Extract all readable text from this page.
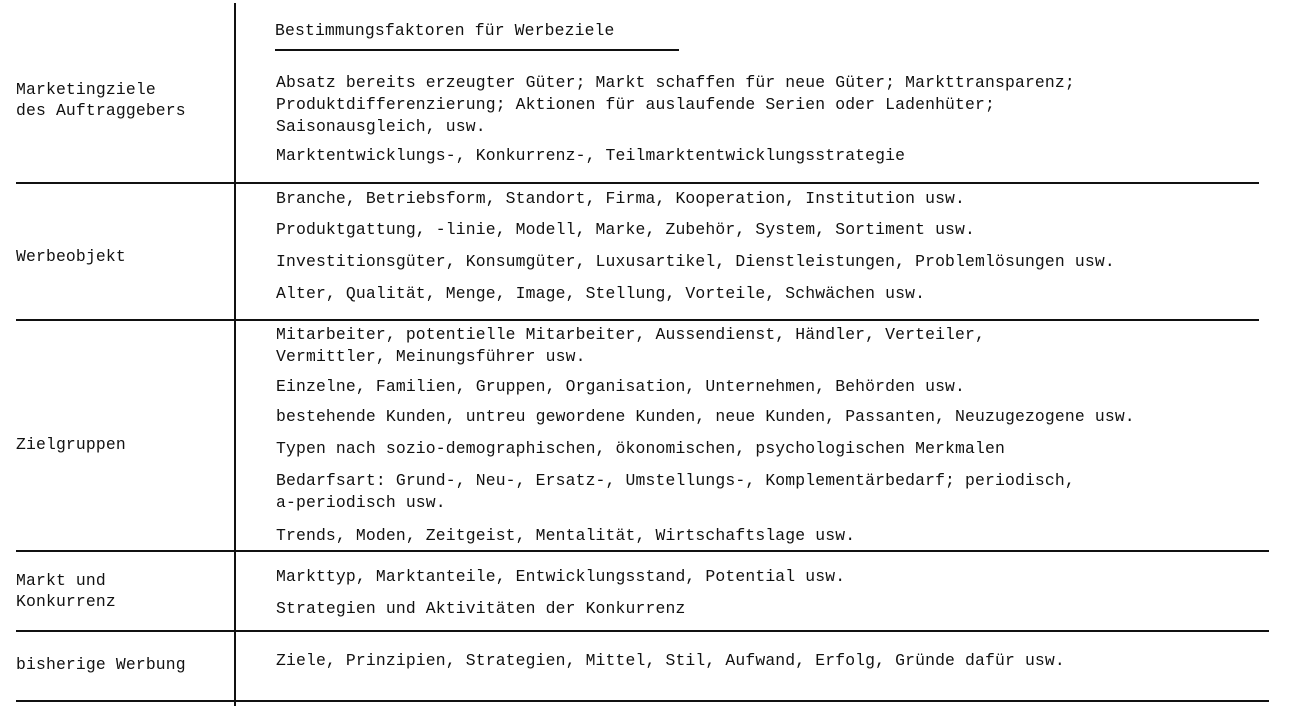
Bestimmungsfaktoren für Werbeziele
Marketingziele
des Auftraggebers
Absatz bereits erzeugter Güter; Markt schaffen für neue Güter; Markttransparenz;
Produktdifferenzierung; Aktionen für auslaufende Serien oder Ladenhüter;
Saisonausgleich, usw.
Marktentwicklungs-, Konkurrenz-, Teilmarktentwicklungsstrategie
Werbeobjekt
Branche, Betriebsform, Standort, Firma, Kooperation, Institution usw.
Produktgattung, -linie, Modell, Marke, Zubehör, System, Sortiment usw.
Investitionsgüter, Konsumgüter, Luxusartikel, Dienstleistungen, Problemlösungen usw.
Alter, Qualität, Menge, Image, Stellung, Vorteile, Schwächen usw.
Zielgruppen
Mitarbeiter, potentielle Mitarbeiter, Aussendienst, Händler, Verteiler,
Vermittler, Meinungsführer usw.
Einzelne, Familien, Gruppen, Organisation, Unternehmen, Behörden usw.
bestehende Kunden, untreu gewordene Kunden, neue Kunden, Passanten, Neuzugezogene usw.
Typen nach sozio-demographischen, ökonomischen, psychologischen Merkmalen
Bedarfsart: Grund-, Neu-, Ersatz-, Umstellungs-, Komplementärbedarf; periodisch,
a-periodisch usw.
Trends, Moden, Zeitgeist, Mentalität, Wirtschaftslage usw.
Markt und
Konkurrenz
Markttyp, Marktanteile, Entwicklungsstand, Potential usw.
Strategien und Aktivitäten der Konkurrenz
bisherige Werbung	Ziele, Prinzipien, Strategien, Mittel, Stil, Aufwand, Erfolg, Gründe dafür usw.
